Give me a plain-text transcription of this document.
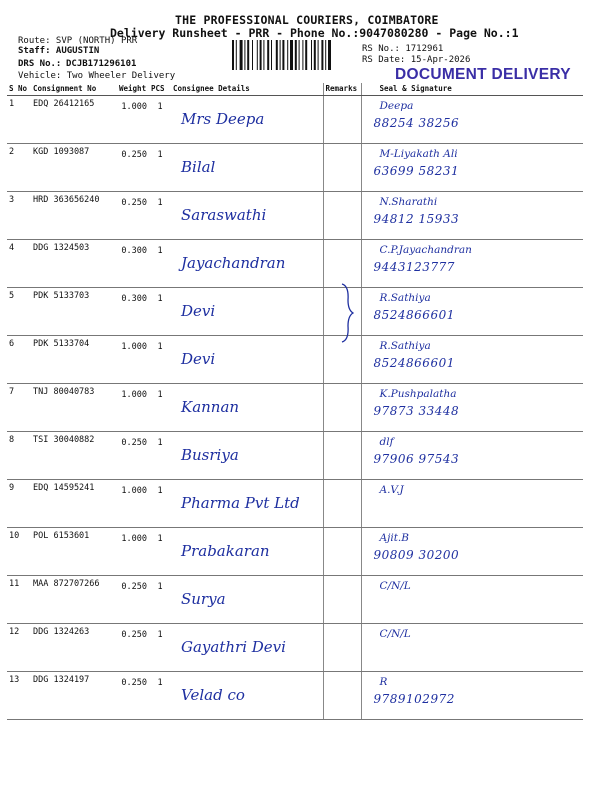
THE PROFESSIONAL COURIERS, COIMBATORE
Delivery Runsheet - PRR - Phone No.:9047080280 - Page No.:1
Route: SVP (NORTH) PRR
Staff: AUGUSTIN
DRS No.: DCJB171296101
Vehicle: Two Wheeler Delivery
RS No.: 1712961
RS Date: 15-Apr-2026
DOCUMENT DELIVERY
S No	Consignment No	Weight	PCS	Consignee Details	Remarks	Seal & Signature
1	EDQ 26412165	1.000	1	Mrs Deepa		Deepa
88254 38256

2	KGD 1093087	0.250	1	Bilal		M-Liyakath Ali
63699 58231

3	HRD 363656240	0.250	1	Saraswathi		N.Sharathi
94812 15933

4	DDG 1324503	0.300	1	Jayachandran		C.P.Jayachandran
9443123777

5	PDK 5133703	0.300	1	Devi		R.Sathiya
8524866601

6	PDK 5133704	1.000	1	Devi		R.Sathiya
8524866601

7	TNJ 80040783	1.000	1	Kannan		K.Pushpalatha
97873 33448

8	TSI 30040882	0.250	1	Busriya		dlf
97906 97543

9	EDQ 14595241	1.000	1	Pharma Pvt Ltd		A.V.J

10	POL 6153601	1.000	1	Prabakaran		Ajit.B
90809 30200

11	MAA 872707266	0.250	1	Surya		C/N/L

12	DDG 1324263	0.250	1	Gayathri Devi		C/N/L

13	DDG 1324197	0.250	1	Velad co		R
9789102972
